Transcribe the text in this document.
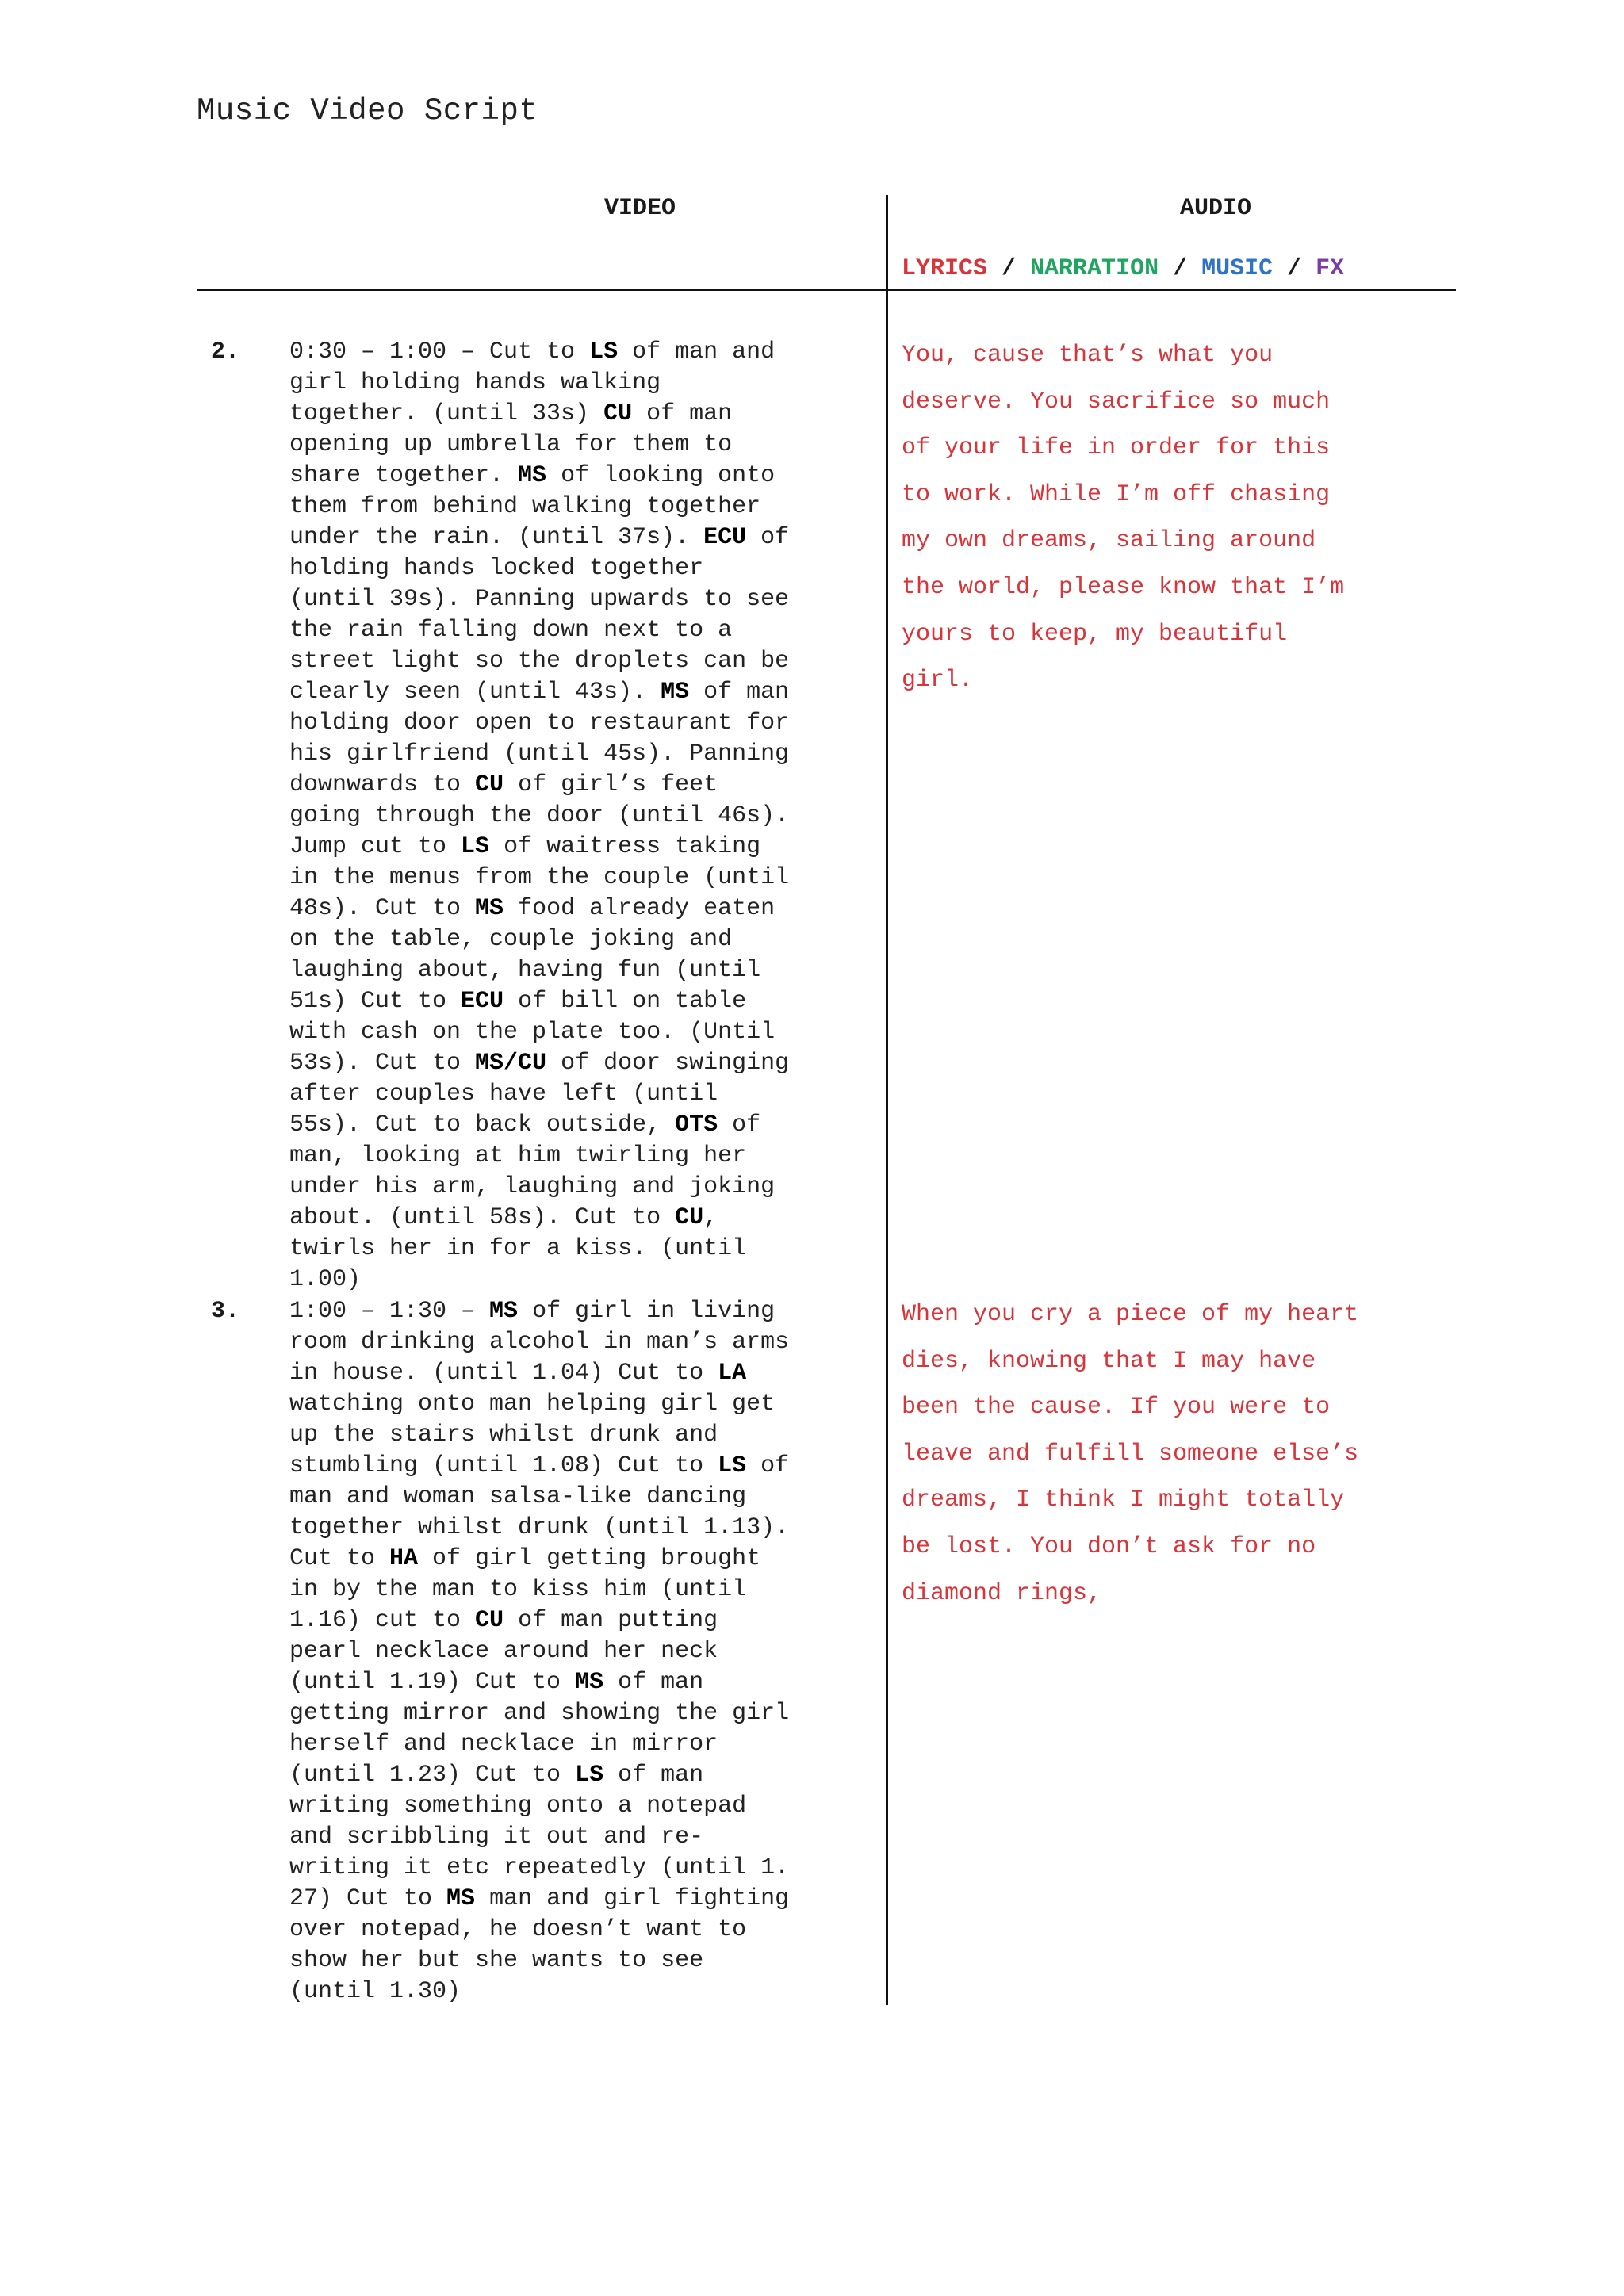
Music Video Script
VIDEO	AUDIO
LYRICS / NARRATION / MUSIC / FX
2. 0:30 – 1:00 – Cut to LS of man and
girl holding hands walking
together. (until 33s) CU of man
opening up umbrella for them to
share together. MS of looking onto
them from behind walking together
under the rain. (until 37s). ECU of
holding hands locked together
(until 39s). Panning upwards to see
the rain falling down next to a
street light so the droplets can be
clearly seen (until 43s). MS of man
holding door open to restaurant for
his girlfriend (until 45s). Panning
downwards to CU of girl’s feet
going through the door (until 46s).
Jump cut to LS of waitress taking
in the menus from the couple (until
48s). Cut to MS food already eaten
on the table, couple joking and
laughing about, having fun (until
51s) Cut to ECU of bill on table
with cash on the plate too. (Until
53s). Cut to MS/CU of door swinging
after couples have left (until
55s). Cut to back outside, OTS of
man, looking at him twirling her
under his arm, laughing and joking
about. (until 58s). Cut to CU,
twirls her in for a kiss. (until
1.00)
You, cause that’s what you
deserve. You sacrifice so much
of your life in order for this
to work. While I’m off chasing
my own dreams, sailing around
the world, please know that I’m
yours to keep, my beautiful
girl.
3. 1:00 – 1:30 – MS of girl in living
room drinking alcohol in man’s arms
in house. (until 1.04) Cut to LA
watching onto man helping girl get
up the stairs whilst drunk and
stumbling (until 1.08) Cut to LS of
man and woman salsa-like dancing
together whilst drunk (until 1.13).
Cut to HA of girl getting brought
in by the man to kiss him (until
1.16) cut to CU of man putting
pearl necklace around her neck
(until 1.19) Cut to MS of man
getting mirror and showing the girl
herself and necklace in mirror
(until 1.23) Cut to LS of man
writing something onto a notepad
and scribbling it out and re-
writing it etc repeatedly (until 1.
27) Cut to MS man and girl fighting
over notepad, he doesn’t want to
show her but she wants to see
(until 1.30)
When you cry a piece of my heart
dies, knowing that I may have
been the cause. If you were to
leave and fulfill someone else’s
dreams, I think I might totally
be lost. You don’t ask for no
diamond rings,
